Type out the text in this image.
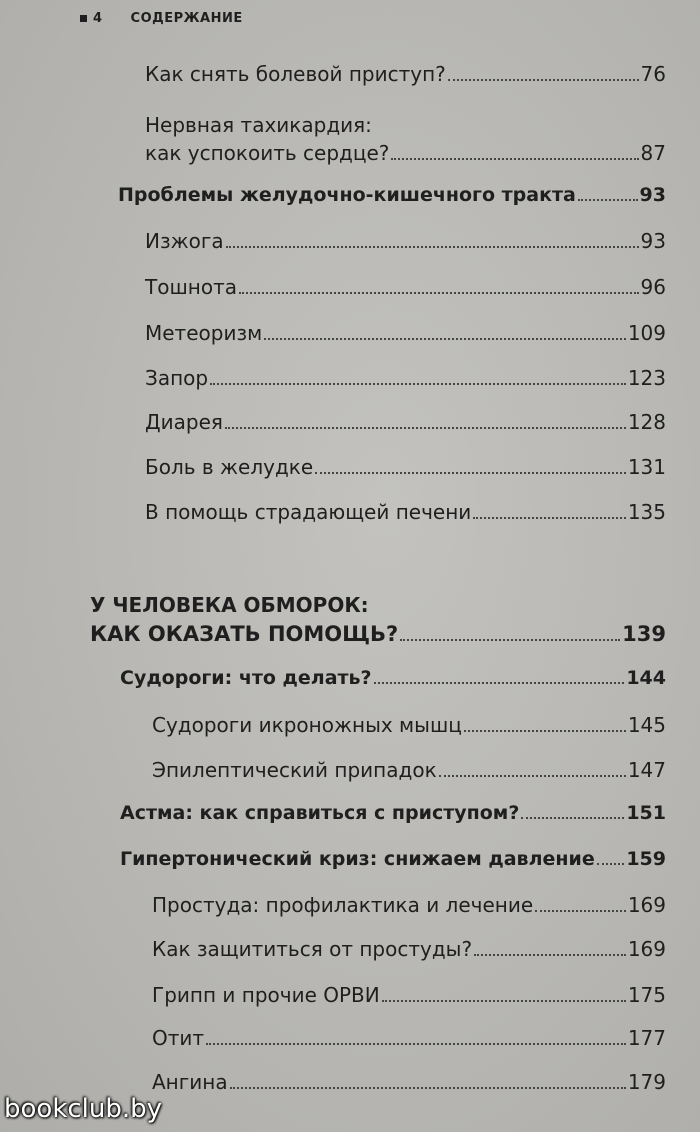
4 СОДЕРЖАНИЕ
Как снять болевой приступ?	76
Нервная тахикардия:
как успокоить сердце?	87
Проблемы желудочно-кишечного тракта	93
Изжога	93
Тошнота	96
Метеоризм	109
Запор	123
Диарея	128
Боль в желудке	131
В помощь страдающей печени	135
У ЧЕЛОВЕКА ОБМОРОК:
КАК ОКАЗАТЬ ПОМОЩЬ?	139
Судороги: что делать?	144
Судороги икроножных мышц	145
Эпилептический припадок	147
Астма: как справиться с приступом?	151
Гипертонический криз: снижаем давление 159
Простуда: профилактика и лечение	169
Как защититься от простуды?	169
Грипп и прочие ОРВИ	175
Отит	177
Ангина	179
bookclub.by
